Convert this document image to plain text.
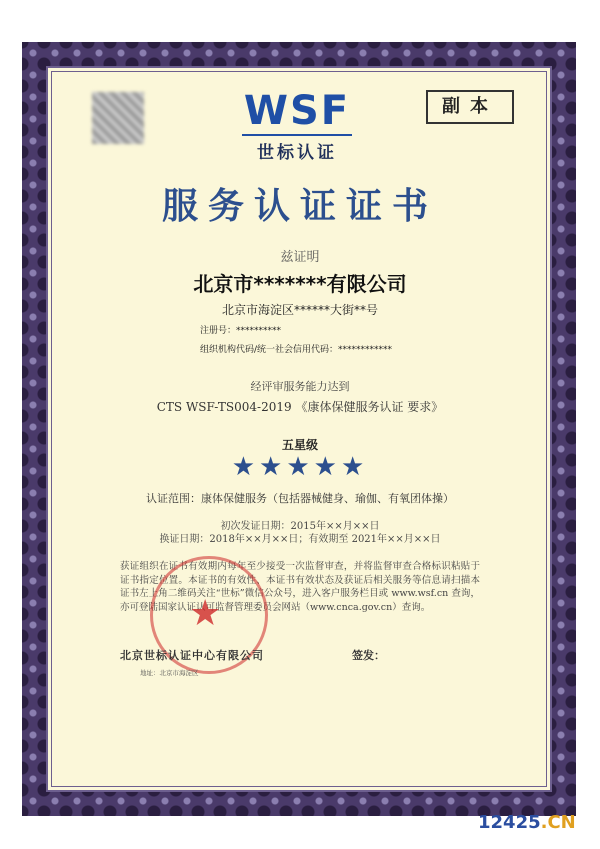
WSF
世标认证
副本
服务认证证书
兹证明
北京市*******有限公司
北京市海淀区******大街**号
注册号：**********
组织机构代码/统一社会信用代码：************
经评审服务能力达到
CTS WSF-TS004-2019 《康体保健服务认证 要求》
五星级
★★★★★
认证范围：康体保健服务（包括器械健身、瑜伽、有氧团体操）
初次发证日期：2015年××月××日
换证日期：2018年××月××日；有效期至 2021年××月××日
获证组织在证书有效期内每年至少接受一次监督审查，并将监督审查合格标识粘贴于证书指定位置。本证书的有效性、本证书有效状态及获证后相关服务等信息请扫描本证书左上角二维码关注“世标”微信公众号，进入客户服务栏目或 www.wsf.cn 查询，亦可登陆国家认证认可监督管理委员会网站（www.cnca.gov.cn）查询。
★
北京世标认证中心有限公司	签发：
地址：北京市海淀区
12425.CN
